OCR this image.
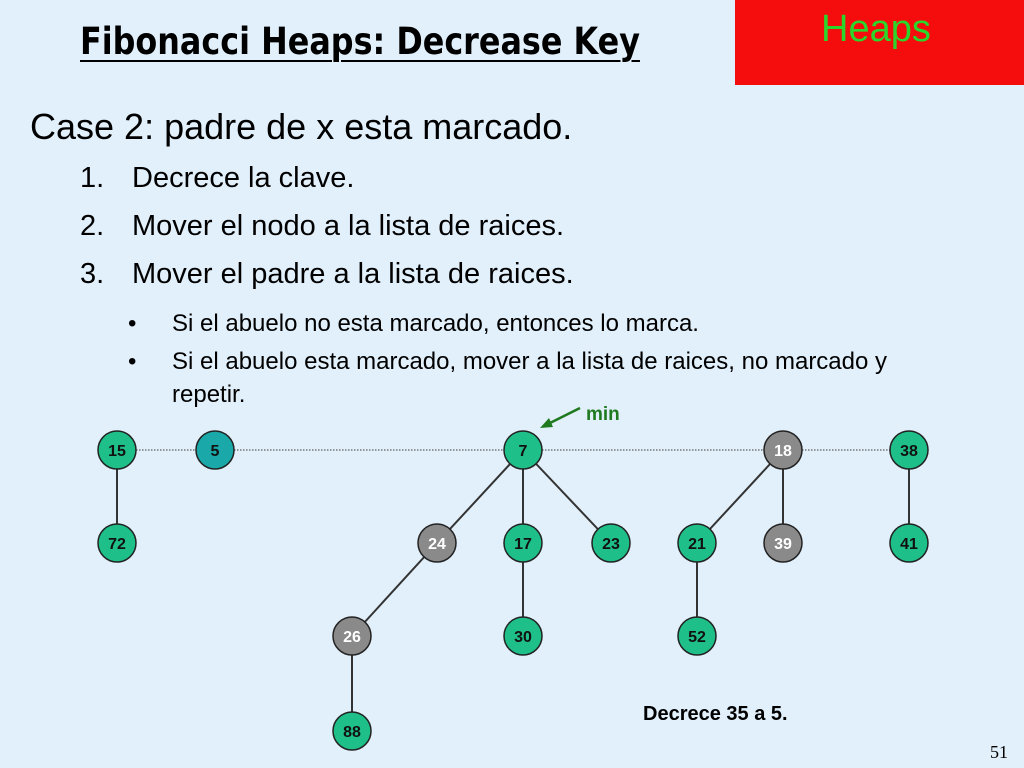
Heaps
Fibonacci Heaps: Decrease Key
Case 2: padre de x esta marcado.
1. Decrece la clave.
2. Mover el nodo a la lista de raices.
3. Mover el padre a la lista de raices.
• Si el abuelo no esta marcado, entonces lo marca.
• Si el abuelo esta marcado, mover a la lista de raices, no marcado y repetir.
min
15	5	7	18	38
72	24	17	23	21	39	41
26	30	52
88
Decrece 35 a 5.
51
